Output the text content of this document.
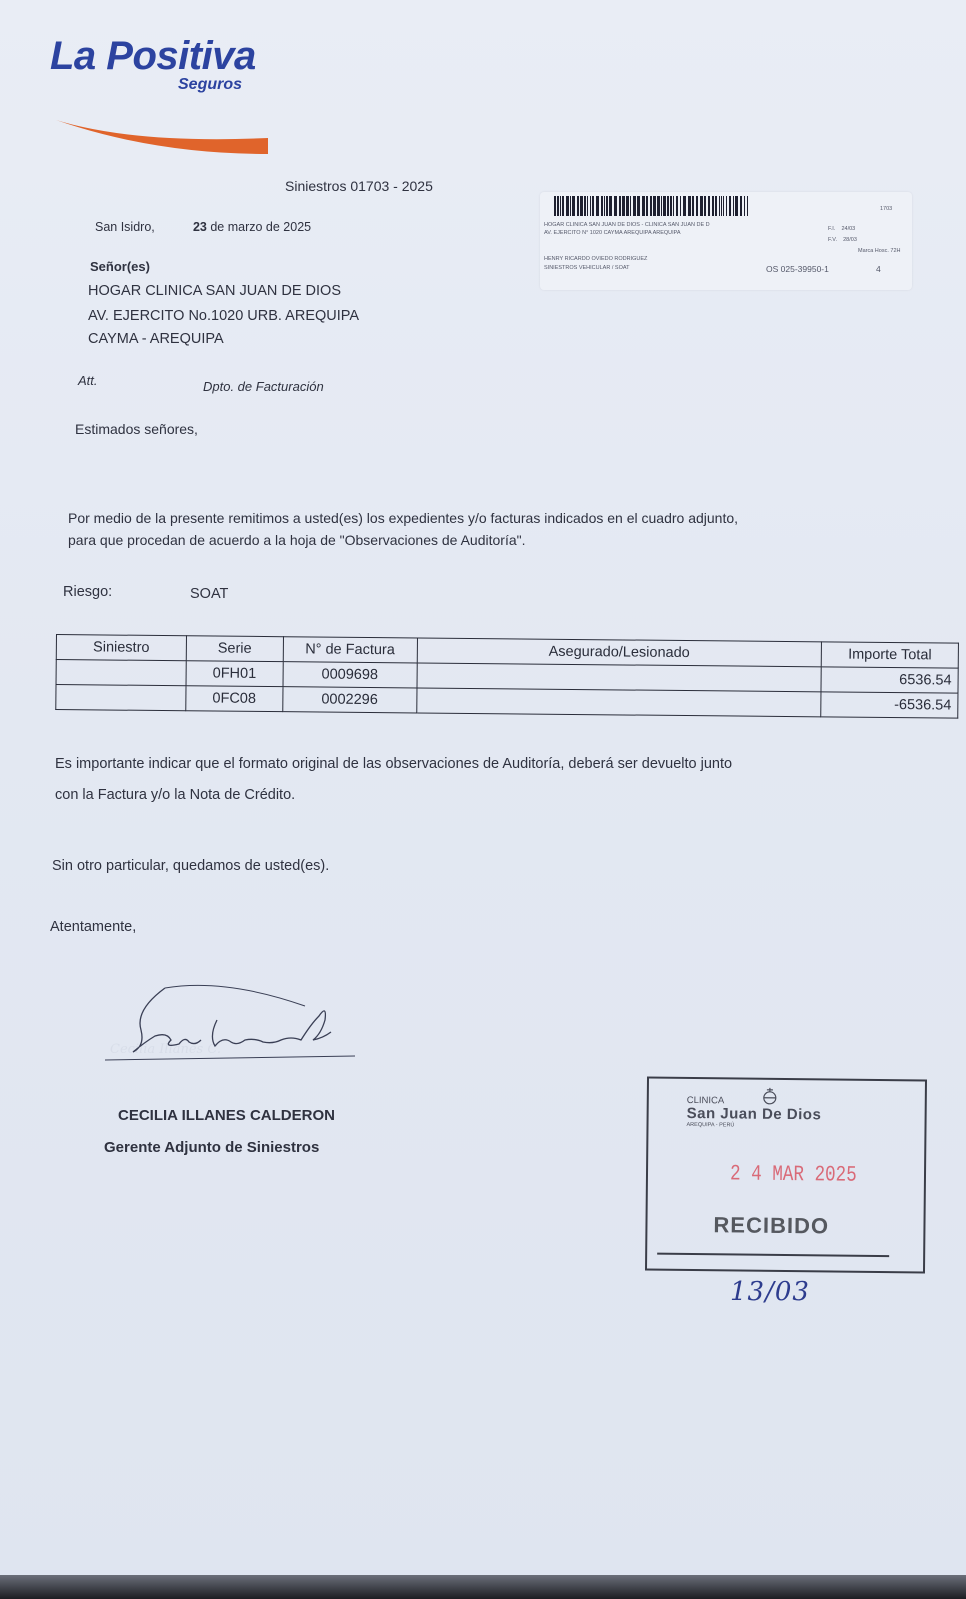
La Positiva
Seguros
Siniestros 01703 - 2025
San Isidro,	23 de marzo de 2025
Señor(es)
HOGAR CLINICA SAN JUAN DE DIOS
AV. EJERCITO No.1020 URB. AREQUIPA
CAYMA - AREQUIPA
Att.	Dpto. de Facturación
Estimados señores,
Por medio de la presente remitimos a usted(es) los expedientes y/o facturas indicados en el cuadro adjunto,
para que procedan de acuerdo a la hoja de "Observaciones de Auditoría".
Riesgo:	SOAT
1703
HOGAR CLINICA SAN JUAN DE DIOS - CLINICA SAN JUAN DE D
AV. EJERCITO N° 1020 CAYMA AREQUIPA AREQUIPA
F.I. 24/03
F.V. 28/03
Marca Hosc. 72H
HENRY RICARDO OVIEDO RODRIGUEZ
SINIESTROS VEHICULAR / SOAT	OS 025-39950-1	4
Siniestro	Serie	N° de Factura	Asegurado/Lesionado	Importe Total
	0FH01	0009698		6536.54
	0FC08	0002296		-6536.54
Es importante indicar que el formato original de las observaciones de Auditoría, deberá ser devuelto junto
con la Factura y/o la Nota de Crédito.
Sin otro particular, quedamos de usted(es).
Atentamente,
Cecilia Illanes C.
CECILIA ILLANES CALDERON
Gerente Adjunto de Siniestros
CLINICA
San Juan De Dios
AREQUIPA - PERÚ
2 4 MAR 2025
RECIBIDO
13/03
